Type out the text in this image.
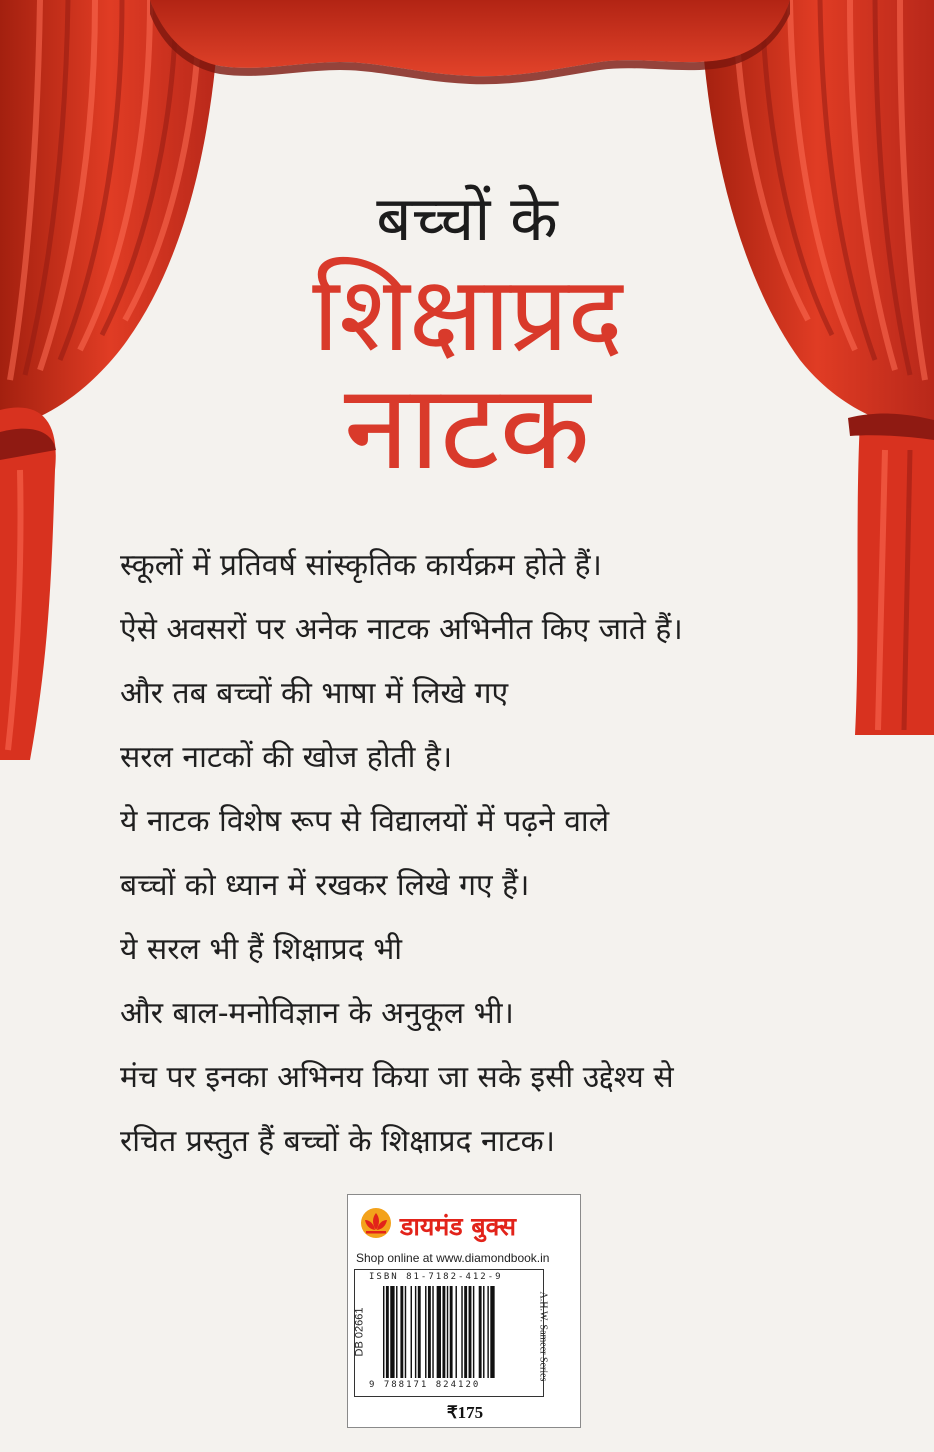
बच्चों के
शिक्षाप्रद
नाटक
स्कूलों में प्रतिवर्ष सांस्कृतिक कार्यक्रम होते हैं।
ऐसे अवसरों पर अनेक नाटक अभिनीत किए जाते हैं।
और तब बच्चों की भाषा में लिखे गए
सरल नाटकों की खोज होती है।
ये नाटक विशेष रूप से विद्यालयों में पढ़ने वाले
बच्चों को ध्यान में रखकर लिखे गए हैं।
ये सरल भी हैं शिक्षाप्रद भी
और बाल-मनोविज्ञान के अनुकूल भी।
मंच पर इनका अभिनय किया जा सके इसी उद्देश्य से
रचित प्रस्तुत हैं बच्चों के शिक्षाप्रद नाटक।
डायमंड बुक्स
Shop online at www.diamondbook.in
ISBN 81-7182-412-9
DB 02661
9 788171 824120
A.H.W. Sameer Series
₹175
